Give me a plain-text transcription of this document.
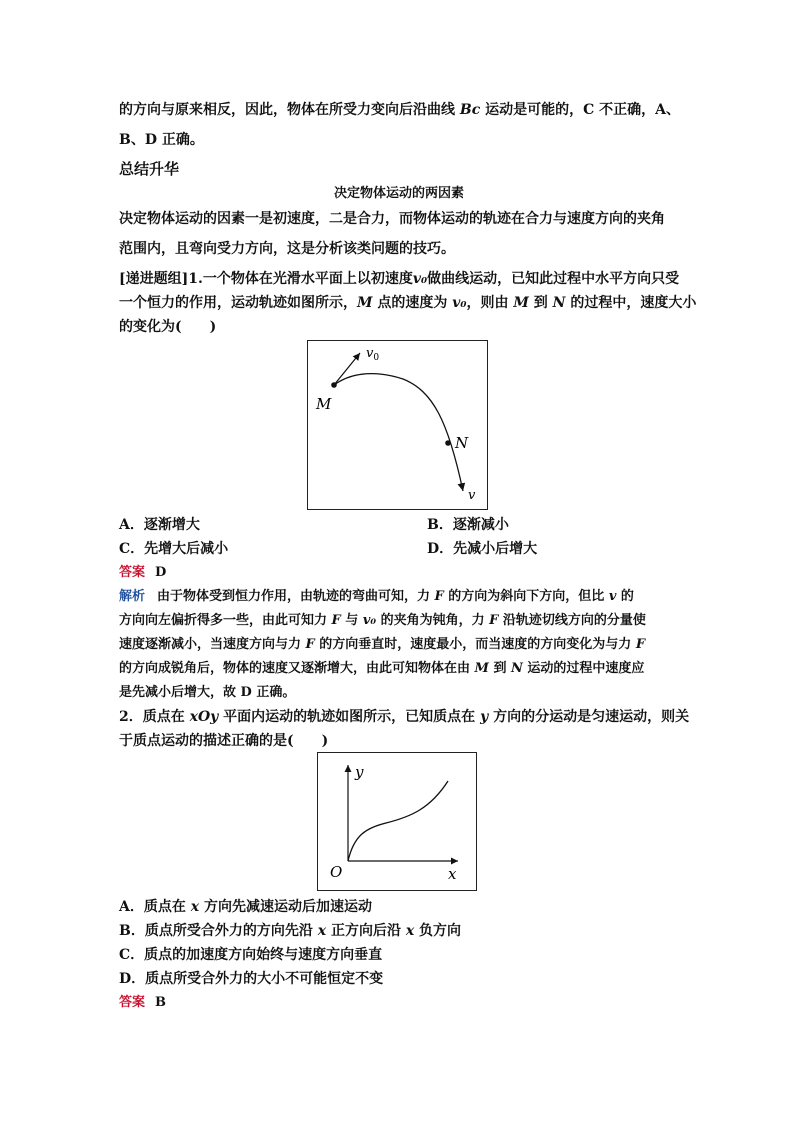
的方向与原来相反，因此，物体在所受力变向后沿曲线 Bc 运动是可能的，C 不正确，A、
B、D 正确。
总结升华
决定物体运动的两因素
决定物体运动的因素一是初速度，二是合力，而物体运动的轨迹在合力与速度方向的夹角
范围内，且弯向受力方向，这是分析该类问题的技巧。
[递进题组]1.一个物体在光滑水平面上以初速度v₀做曲线运动，已知此过程中水平方向只受
一个恒力的作用，运动轨迹如图所示，M 点的速度为 v₀，则由 M 到 N 的过程中，速度大小
的变化为(　　)
$v_0$
M
N
v
A．逐渐增大	B．逐渐减小
C．先增大后减小	D．先减小后增大
答案 D
解析 由于物体受到恒力作用，由轨迹的弯曲可知，力 F 的方向为斜向下方向，但比 v 的
方向向左偏折得多一些，由此可知力 F 与 v₀ 的夹角为钝角，力 F 沿轨迹切线方向的分量使
速度逐渐减小，当速度方向与力 F 的方向垂直时，速度最小，而当速度的方向变化为与力 F
的方向成锐角后，物体的速度又逐渐增大，由此可知物体在由 M 到 N 运动的过程中速度应
是先减小后增大，故 D 正确。
2．质点在 xOy 平面内运动的轨迹如图所示，已知质点在 y 方向的分运动是匀速运动，则关
于质点运动的描述正确的是(　　)
y
O	x
A．质点在 x 方向先减速运动后加速运动
B．质点所受合外力的方向先沿 x 正方向后沿 x 负方向
C．质点的加速度方向始终与速度方向垂直
D．质点所受合外力的大小不可能恒定不变
答案 B
